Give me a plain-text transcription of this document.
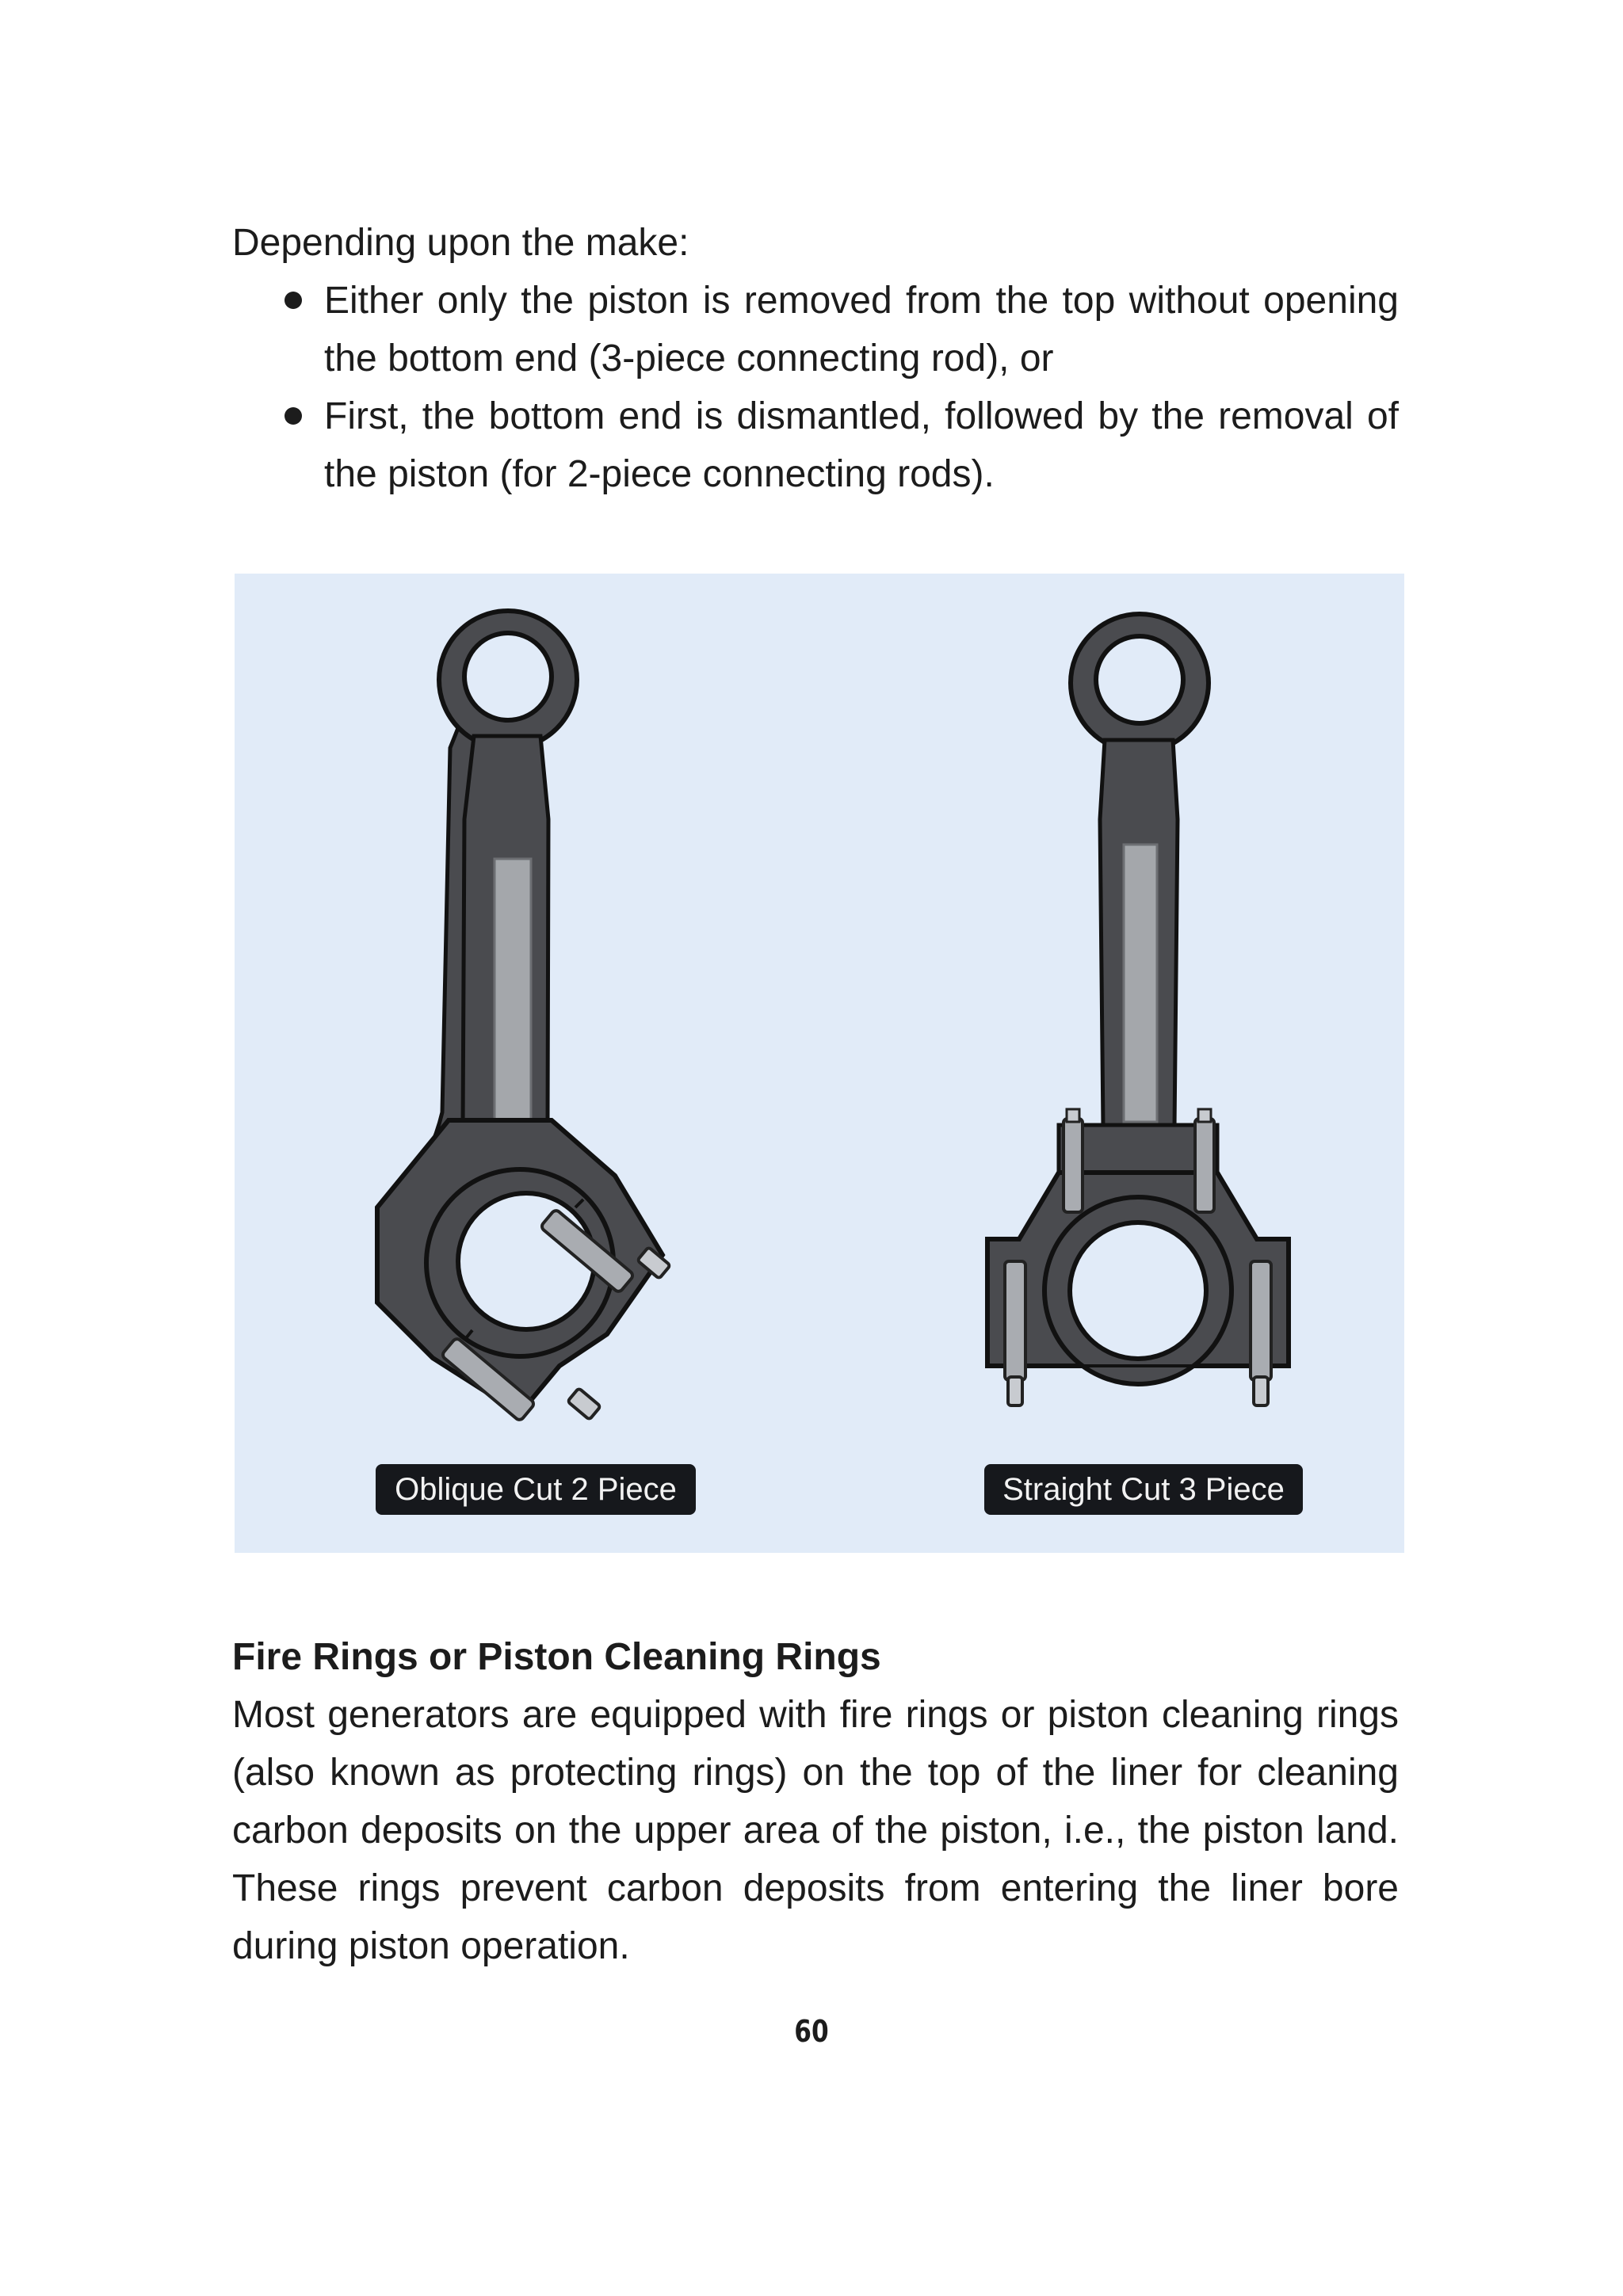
Depending upon the make:

Either only the piston is removed from the top without opening the bottom end (3-piece connecting rod), or
First, the bottom end is dismantled, followed by the removal of the piston (for 2-piece connecting rods).
Oblique Cut 2 Piece	Straight Cut 3 Piece
Fire Rings or Piston Cleaning Rings

Most generators are equipped with fire rings or piston cleaning rings (also known as protecting rings) on the top of the liner for cleaning carbon deposits on the upper area of the piston, i.e., the piston land. These rings prevent carbon deposits from entering the liner bore during piston operation.

60
